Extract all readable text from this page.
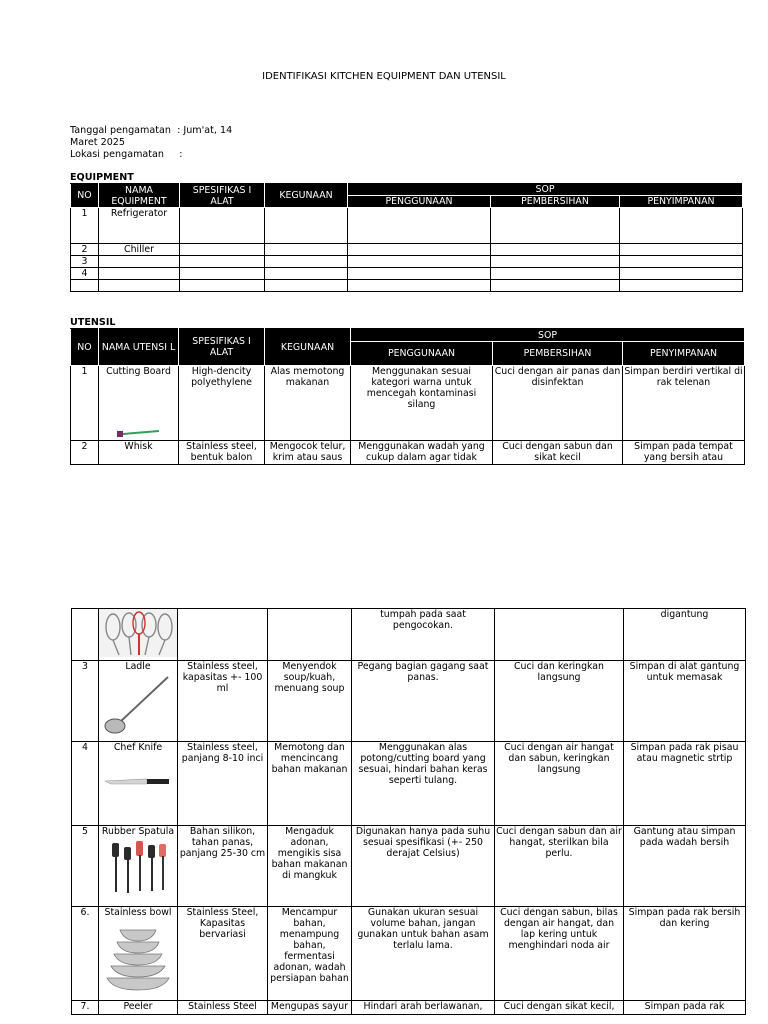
IDENTIFIKASI KITCHEN EQUIPMENT DAN UTENSIL
Tanggal pengamatan  : Jum'at, 14
Maret 2025
Lokasi pengamatan     :
EQUIPMENT
NO	NAMA EQUIPMENT	SPESIFIKAS I ALAT	KEGUNAAN	SOP		
				PENGGUNAAN	PEMBERSIHAN	PENYIMPANAN
1	Refrigerator					
2	Chiller					
3						
4						

UTENSIL
NO	NAMA UTENSI L	SPESIFIKAS I ALAT	KEGUNAAN	SOP		
				PENGGUNAAN	PEMBERSIHAN	PENYIMPANAN
1	Cutting Board	High-dencity polyethylene	Alas memotong makanan	Menggunakan sesuai kategori warna untuk mencegah kontaminasi silang	Cuci dengan air panas dan disinfektan	Simpan berdiri vertikal di rak telenan
2	Whisk	Stainless steel, bentuk balon	Mengocok telur, krim atau saus	Menggunakan wadah yang cukup dalam agar tidak	Cuci dengan sabun dan sikat kecil	Simpan pada tempat yang bersih atau
				tumpah pada saat pengocokan.		digantung
3	Ladle	Stainless steel, kapasitas +- 100 ml	Menyendok soup/kuah, menuang soup	Pegang bagian gagang saat panas.	Cuci dan keringkan langsung	Simpan di alat gantung untuk memasak
4	Chef Knife	Stainless steel, panjang 8-10 inci	Memotong dan mencincang bahan makanan	Menggunakan alas potong/cutting board yang sesuai, hindari bahan keras seperti tulang.	Cuci dengan air hangat dan sabun, keringkan langsung	Simpan pada rak pisau atau magnetic strtip
5	Rubber Spatula	Bahan silikon, tahan panas, panjang 25-30 cm	Mengaduk adonan, mengikis sisa bahan makanan di mangkuk	Digunakan hanya pada suhu sesuai spesifikasi (+- 250 derajat Celsius)	Cuci dengan sabun dan air hangat, sterilkan bila perlu.	Gantung atau simpan pada wadah bersih
6.	Stainless bowl	Stainless Steel, Kapasitas bervariasi	Mencampur bahan, menampung bahan, fermentasi adonan, wadah persiapan bahan	Gunakan ukuran sesuai volume bahan, jangan gunakan untuk bahan asam terlalu lama.	Cuci dengan sabun, bilas dengan air hangat, dan lap kering untuk menghindari noda air	Simpan pada rak bersih dan kering
7.	Peeler	Stainless Steel	Mengupas sayur	Hindari arah berlawanan,	Cuci dengan sikat kecil,	Simpan pada rak
